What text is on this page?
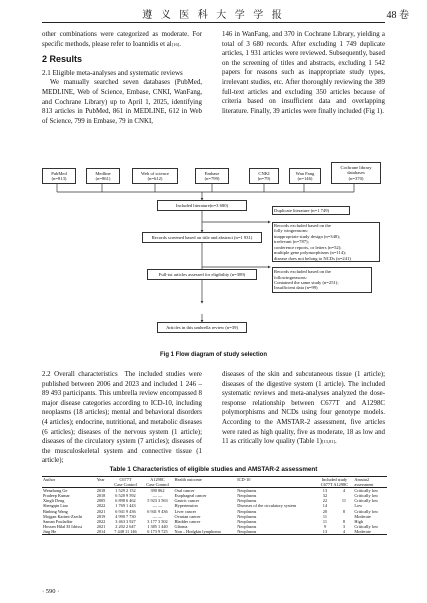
遵 义 医 科 大 学 学 报	48 卷

other combinations were categorized as moderate. For specific methods, please refer to Ioannidis et al[16].

2 Results
2.1 Eligible meta-analyses and systematic reviews

We manually searched seven databases (PubMed, MEDLINE, Web of Science, Embase, CNKI, WanFang, and Cochrane Library) up to April 1, 2025, identifying 813 articles in PubMed, 861 in MEDLINE, 612 in Web of Science, 799 in Embase, 79 in CNKI,

146 in WanFang, and 370 in Cochrane Library, yielding a total of 3 680 records. After excluding 1 749 duplicate articles, 1 931 articles were reviewed. Subsequently, based on the screening of titles and abstracts, excluding 1 542 papers for reasons such as inappropriate study types, irrelevant studies, etc. After thoroughly reviewing the 389 full-text articles and excluding 350 articles because of criteria based on insufficient data and overlapping literature. Finally, 39 articles were finally included (Fig 1).

PubMed
(n=813)
Medline
(n=861)
Web of science
(n=612)
Embase
(n=799)
CNKI
(n=79)
Wan Fang
(n=146)
Cochrane library
databases
(n=370)
Included literature(n=3 680)
Duplicate literature (n=1 749)
Records screened based on title and abstract (n=1 931)
Records excluded based on the
folly wingreasons:
inappropriate study design (n=348);
irrelevant (n=787);
conference reports, or letters (n=52);
multiple gene polymorphisms (n=114);
disease does not belong to NCDs (n=241)
Full-txt articles assessed for eligibility (n=389)
Records excluded based on the
followingreasons:
Contained the same study (n=251);
Insufficient data (n=99)
Articles in this umbrella review (n=39)
Fig 1 Flow diagram of study selection

2.2 Overall characteristics The included studies were published between 2006 and 2023 and included 1 246 – 89 493 participants. This umbrella review encompassed 8 major disease categories according to ICD-10, including neoplasms (18 articles); mental and behavioral disorders (4 articles); endocrine, nutritional, and metabolic diseases (6 articles); diseases of the nervous system (1 article); diseases of the circulatory system (7 articles); diseases of the musculoskeletal system and connective tissue (1 article);

diseases of the skin and subcutaneous tissue (1 article); diseases of the digestive system (1 article). The included systematic reviews and meta-analyses analyzed the dose-response relationship between C677T and A1298C polymorphisms and NCDs using four genotype models. According to the AMSTAR-2 assessment, five articles were rated as high quality, five as moderate, 18 as low and 11 as critically low quality (Table 1)[13,81].

Table 1 Characteristics of eligible studies and AMSTAR-2 assessment
Author	Year	C677T	A1298C	Health outcome	ICD-10	Included study		Amstar2
		Case Control	Case Control			C677T A1298C		assessment
Wenzhong Ge	2018	1 529 2 152	390 862	Oral cancer	Neoplasms	13	4	Critically low
Pradeep Kumar	2018	6 520 9 592	— —	Esophageal cancer	Neoplasms	32		Critically low
Xingli Deng	2005	6 898 6 462	5 923 3 563	Gastric cancer	Neoplasms	22	11	Critically low
Shengqin Liao	2022	1 769 1 443	— —	Hypertension	Diseases of the circulatory system	14		Low
Binbing Wang	2021	6 941 9 436	6 941 9 436	Liver cancer	Neoplasms	20	8	Critically low
Mojgan Karimi-Zarchi	2019	4 990 7 730	— —	Ovarian cancer	Neoplasms	11		Moderate
Saman Fouladfar	2022	3 463 3 927	3 177 3 502	Bladder cancer	Neoplasms	11	8	High
Hossen Hilal El Idrissi	2021	2 202 2 647	1 385 1 440	Glioma	Neoplasms	9	3	Critically low
Jing He	2014	7 448 11 146	6 173 9 725	Non – Hodgkin lymphoma	Neoplasms	13	4	Moderate
· 590 ·
